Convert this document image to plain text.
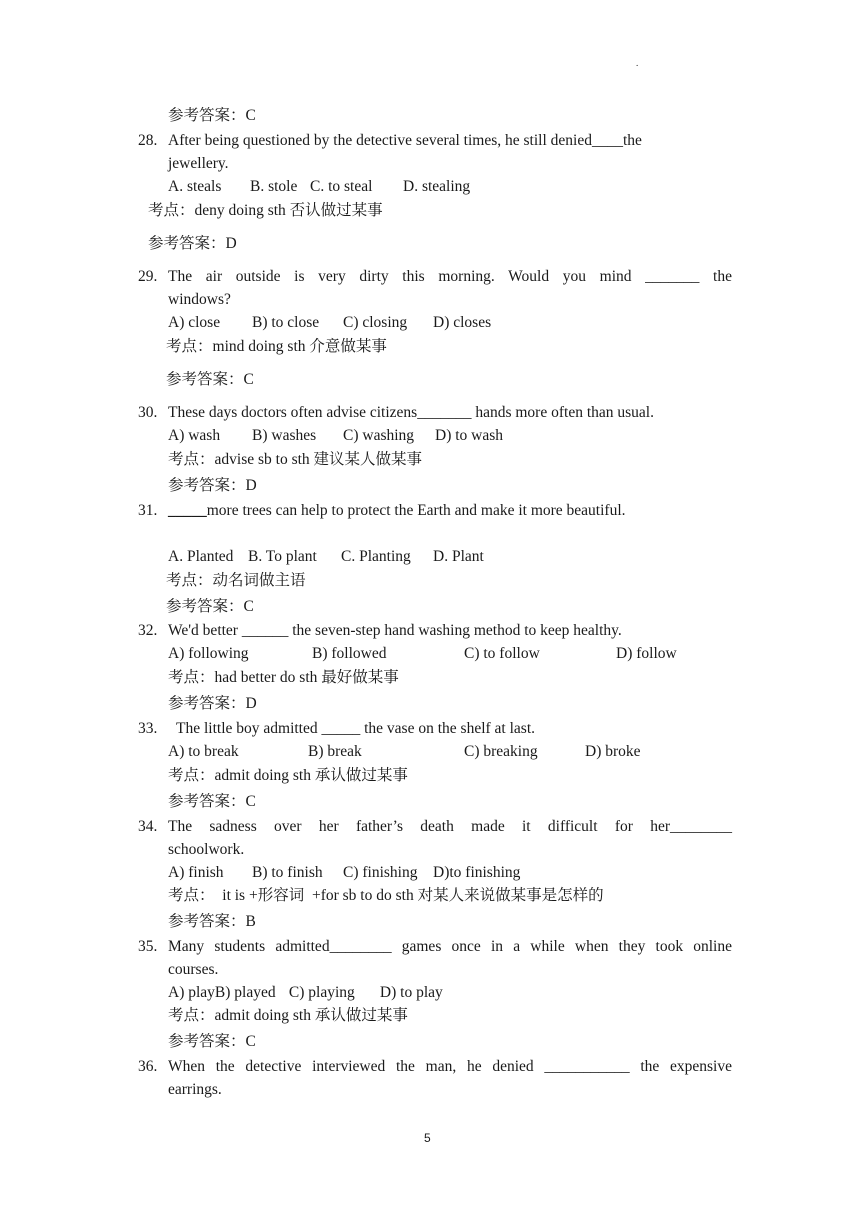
.
参考答案：C
28. After being questioned by the detective several times, he still denied____the
jewellery.
A. steals B. stole C. to steal D. stealing
考点：deny doing sth 否认做过某事
参考答案：D
29. The air outside is very dirty this morning. Would you mind _______ the
windows?
A) close B) to close C) closing D) closes
考点：mind doing sth 介意做某事
参考答案：C
30. These days doctors often advise citizens_______ hands more often than usual.
A) wash B) washes C) washing D) to wash
考点：advise sb to sth 建议某人做某事
参考答案：D
31. _____more trees can help to protect the Earth and make it more beautiful.
A. Planted B. To plant C. Planting D. Plant
考点：动名词做主语
参考答案：C
32. We'd better ______ the seven-step hand washing method to keep healthy.
A) following	B) followed	C) to follow	D) follow
考点：had better do sth 最好做某事
参考答案：D
33. The little boy admitted _____ the vase on the shelf at last.
A) to break	B) break	C) breaking	D) broke
考点：admit doing sth 承认做过某事
参考答案：C
34. The sadness over her father’s death made it difficult for her________
schoolwork.
A) finish B) to finish C) finishing D)to finishing
考点：  it is +形容词  +for sb to do sth 对某人来说做某事是怎样的
参考答案：B
35. Many students admitted________ games once in a while when they took online
courses.
A) playB) played C) playing D) to play
考点：admit doing sth 承认做过某事
参考答案：C
36. When the detective interviewed the man, he denied ___________ the expensive
earrings.
5
